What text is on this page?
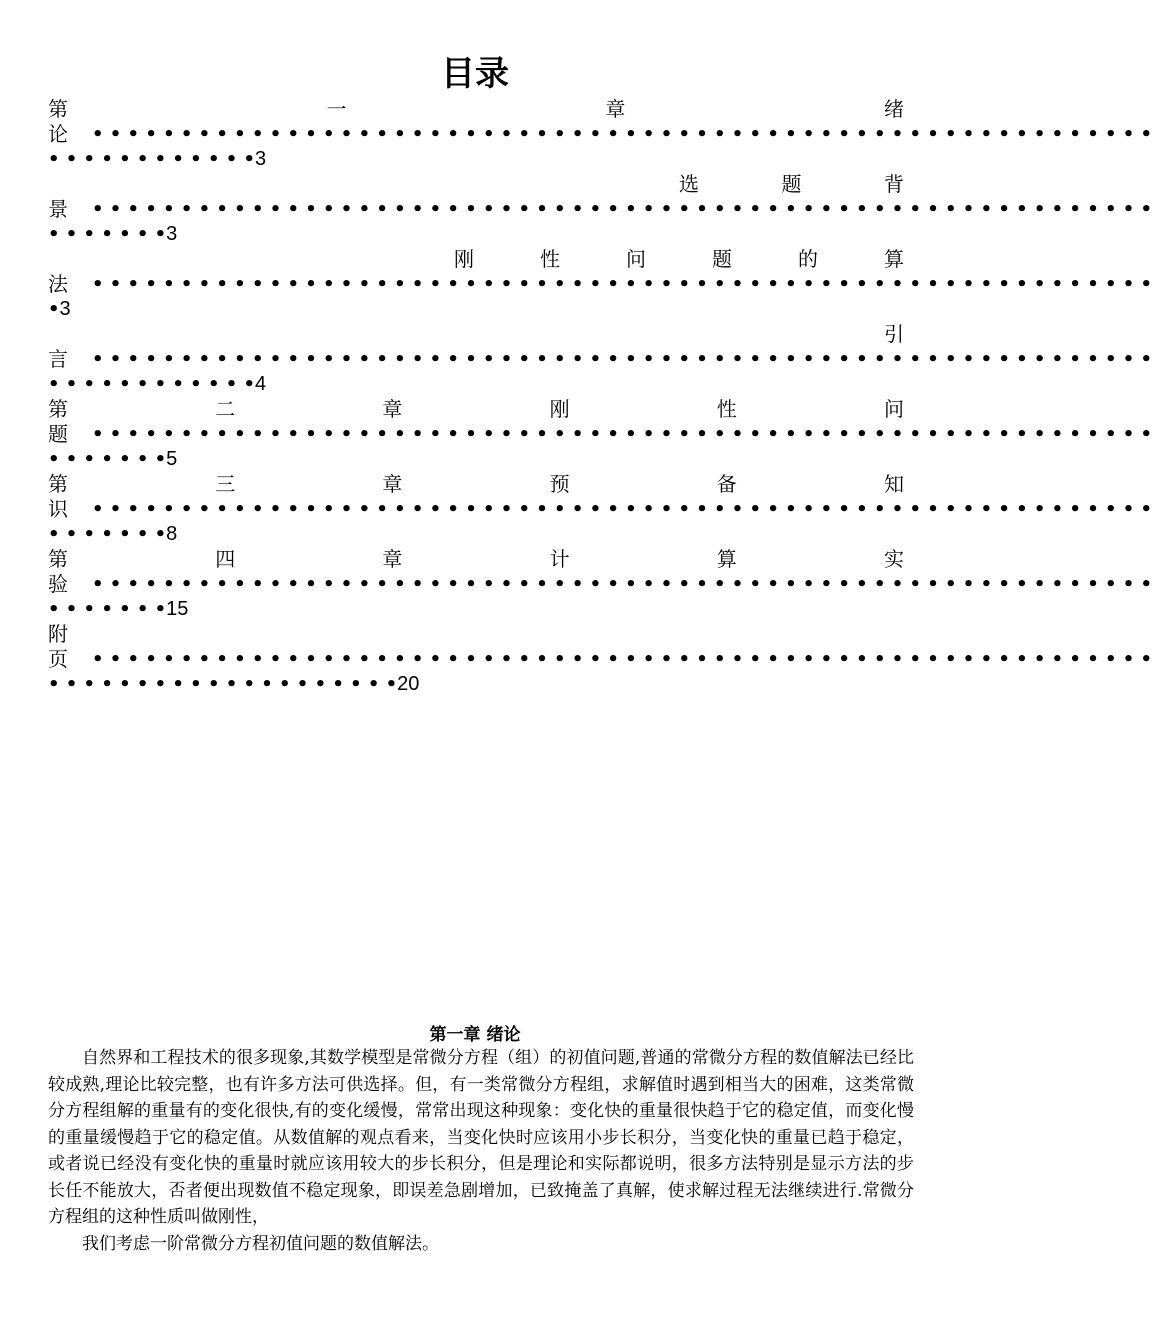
目录
第	一	章	绪
论	• • • • • • • • • • • • • • • • • • • • • • • • • • • • • • • • • • • • • • • • • • • • • • • • • • • • • • • • • • • •
• • • • • • • • • • • • 3
选	题	背
景	• • • • • • • • • • • • • • • • • • • • • • • • • • • • • • • • • • • • • • • • • • • • • • • • • • • • • • • • • • • •
• • • • • • • 3
刚	性	问	题	的	算
法	• • • • • • • • • • • • • • • • • • • • • • • • • • • • • • • • • • • • • • • • • • • • • • • • • • • • • • • • • • • •
• 3
引
言	• • • • • • • • • • • • • • • • • • • • • • • • • • • • • • • • • • • • • • • • • • • • • • • • • • • • • • • • • • • •
• • • • • • • • • • • • 4
第	二	章	刚	性	问
题	• • • • • • • • • • • • • • • • • • • • • • • • • • • • • • • • • • • • • • • • • • • • • • • • • • • • • • • • • • • •
• • • • • • • 5
第	三	章	预	备	知
识	• • • • • • • • • • • • • • • • • • • • • • • • • • • • • • • • • • • • • • • • • • • • • • • • • • • • • • • • • • • •
• • • • • • • 8
第	四	章	计	算	实
验	• • • • • • • • • • • • • • • • • • • • • • • • • • • • • • • • • • • • • • • • • • • • • • • • • • • • • • • • • • • •
• • • • • • • 15
附
页	• • • • • • • • • • • • • • • • • • • • • • • • • • • • • • • • • • • • • • • • • • • • • • • • • • • • • • • • • • • •
• • • • • • • • • • • • • • • • • • • • 20
第一章 绪论

自然界和工程技术的很多现象,其数学模型是常微分方程（组）的初值问题,普通的常微分方程的数值解法已经比较成熟,理论比较完整，也有许多方法可供选择。但，有一类常微分方程组，求解值时遇到相当大的困难，这类常微分方程组解的重量有的变化很快,有的变化缓慢，常常出现这种现象：变化快的重量很快趋于它的稳定值，而变化慢的重量缓慢趋于它的稳定值。从数值解的观点看来，当变化快时应该用小步长积分，当变化快的重量已趋于稳定，或者说已经没有变化快的重量时就应该用较大的步长积分，但是理论和实际都说明，很多方法特别是显示方法的步长任不能放大，否者便出现数值不稳定现象，即误差急剧增加，已致掩盖了真解，使求解过程无法继续进行.常微分方程组的这种性质叫做刚性，

我们考虑一阶常微分方程初值问题的数值解法。
